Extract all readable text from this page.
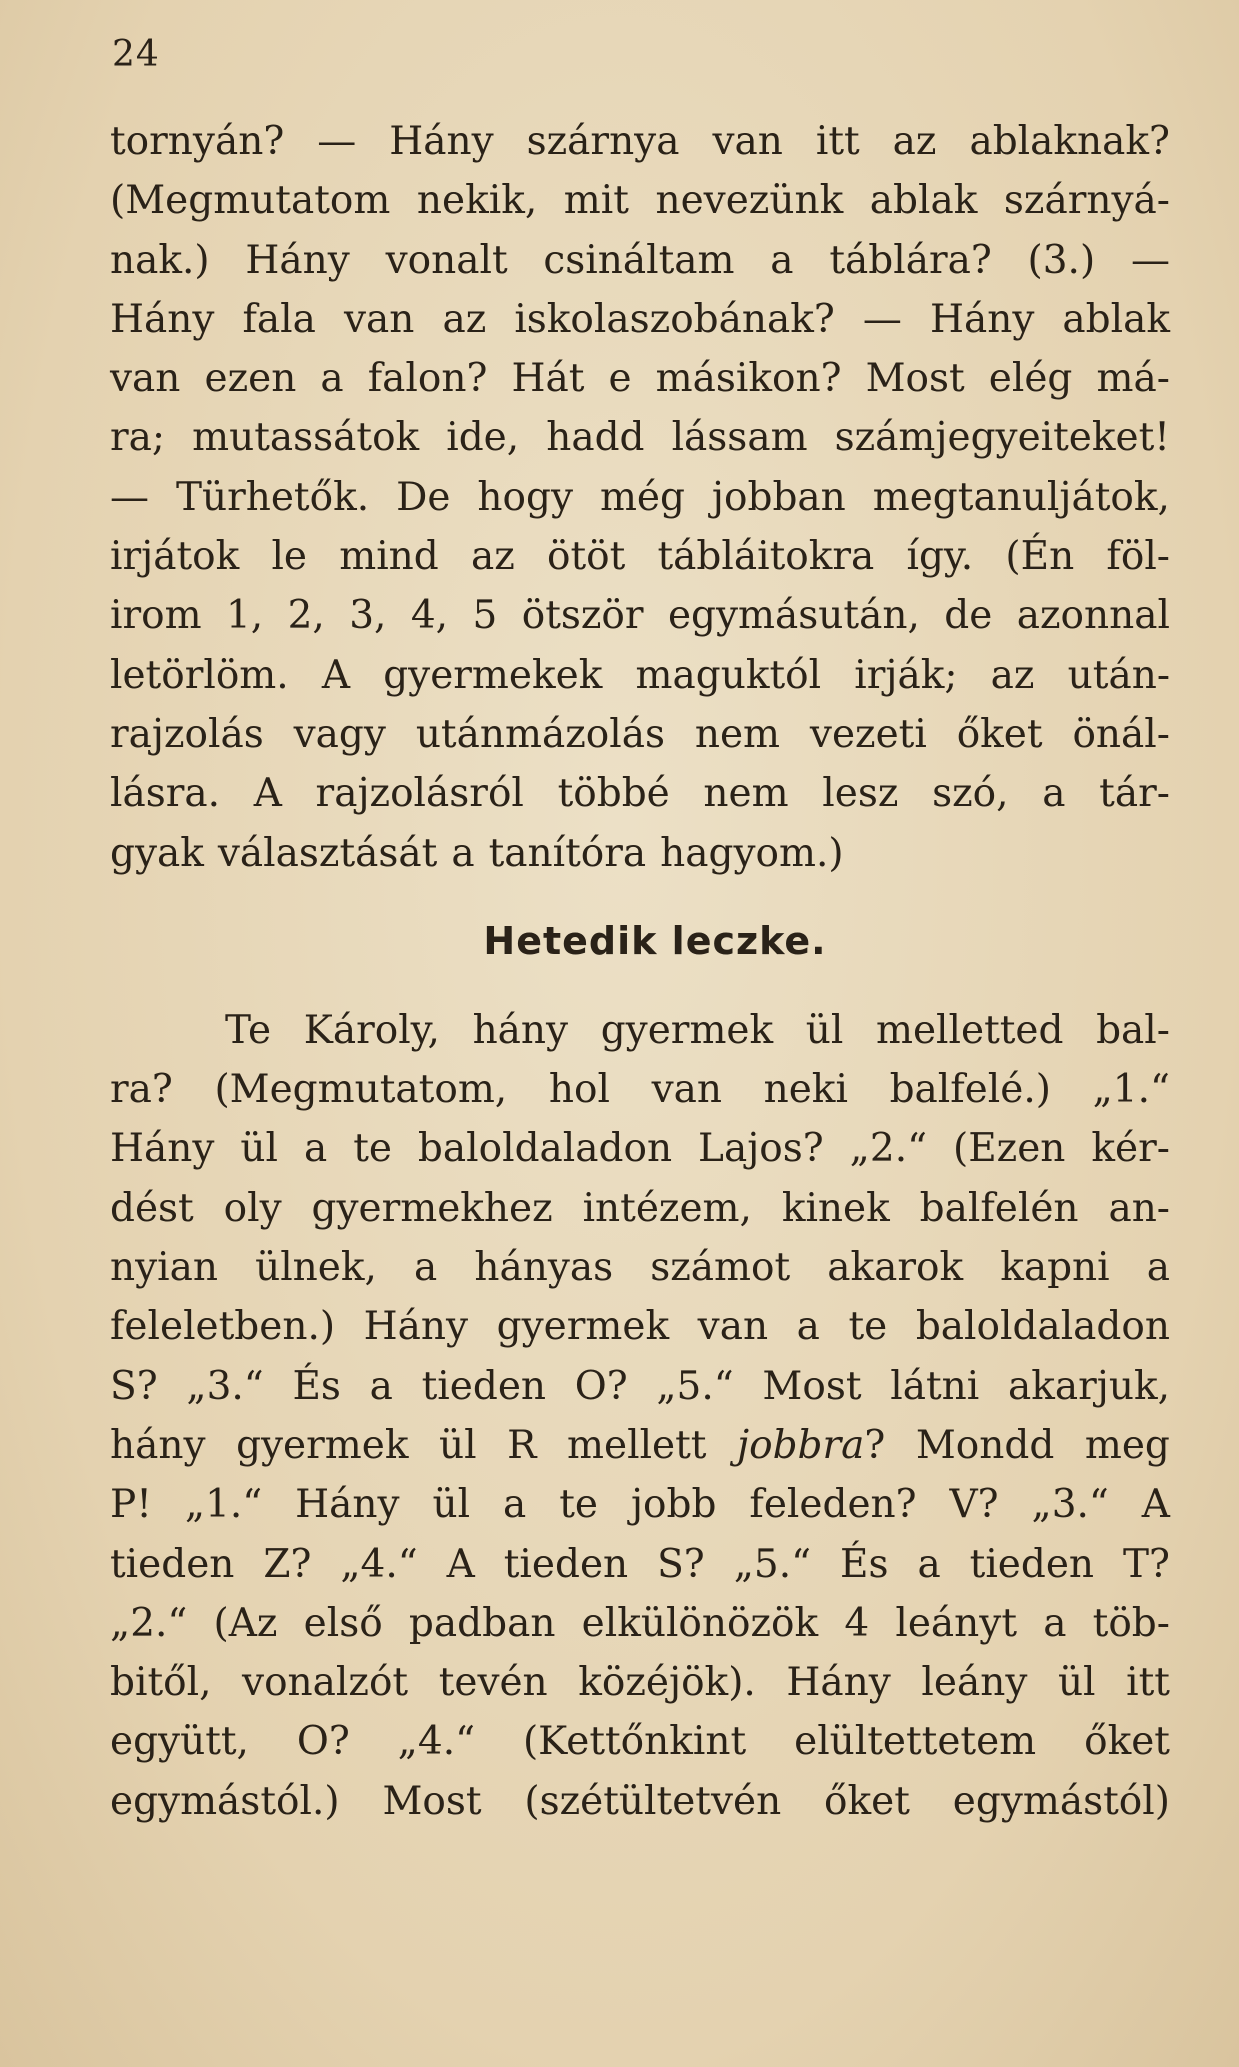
24
tornyán? — Hány szárnya van itt az ablaknak?
(Megmutatom nekik, mit nevezünk ablak szárnyá-
nak.) Hány vonalt csináltam a táblára? (3.) —
Hány fala van az iskolaszobának? — Hány ablak
van ezen a falon? Hát e másikon? Most elég má-
ra; mutassátok ide, hadd lássam számjegyeiteket!
— Türhetők. De hogy még jobban megtanuljátok,
irjátok le mind az ötöt tábláitokra így. (Én föl-
irom 1, 2, 3, 4, 5 ötször egymásután, de azonnal
letörlöm. A gyermekek maguktól irják; az után-
rajzolás vagy utánmázolás nem vezeti őket önál-
lásra. A rajzolásról többé nem lesz szó, a tár-
gyak választását a tanítóra hagyom.)
Hetedik leczke.
Te Károly, hány gyermek ül melletted bal-
ra? (Megmutatom, hol van neki balfelé.) „1.“
Hány ül a te baloldaladon Lajos? „2.“ (Ezen kér-
dést oly gyermekhez intézem, kinek balfelén an-
nyian ülnek, a hányas számot akarok kapni a
feleletben.) Hány gyermek van a te baloldaladon
S? „3.“ És a tieden O? „5.“ Most látni akarjuk,
hány gyermek ül R mellett jobbra? Mondd meg
P! „1.“ Hány ül a te jobb feleden? V? „3.“ A
tieden Z? „4.“ A tieden S? „5.“ És a tieden T?
„2.“ (Az első padban elkülönözök 4 leányt a töb-
bitől, vonalzót tevén közéjök). Hány leány ül itt
együtt, O? „4.“ (Kettőnkint elültettetem őket
egymástól.) Most (szétültetvén őket egymástól)
